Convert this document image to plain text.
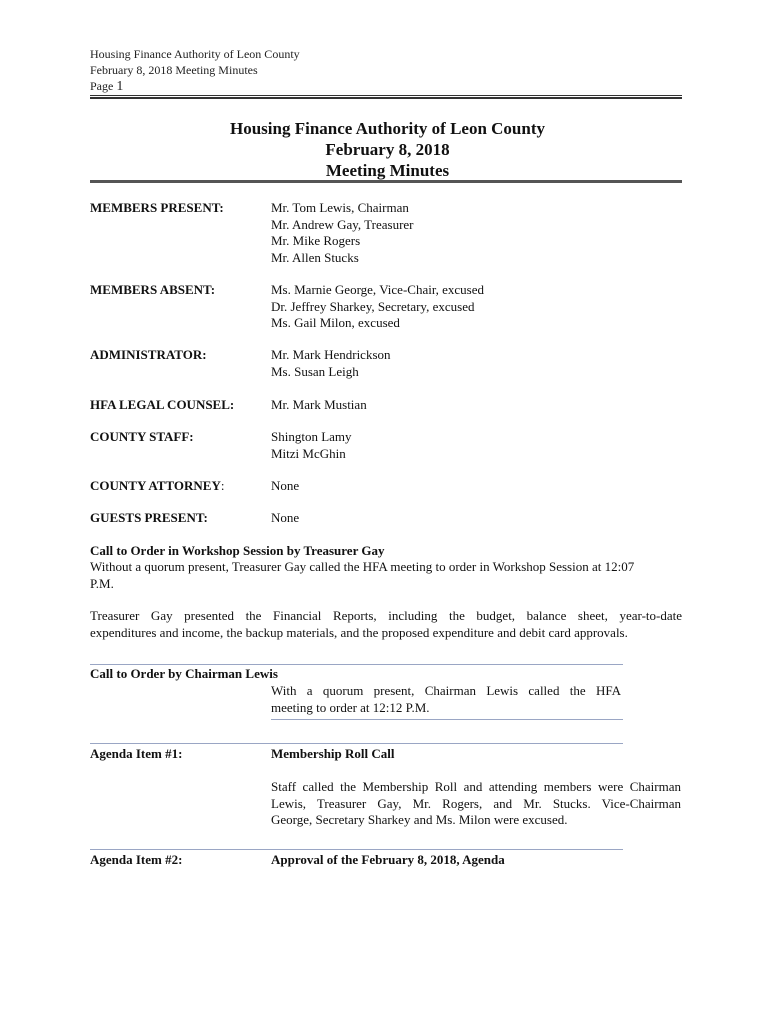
Housing Finance Authority of Leon County
February 8, 2018 Meeting Minutes
Page 1
Housing Finance Authority of Leon County
February 8, 2018
Meeting Minutes
MEMBERS PRESENT:	Mr. Tom Lewis, Chairman
Mr. Andrew Gay, Treasurer
Mr. Mike Rogers
Mr. Allen Stucks
MEMBERS ABSENT:	Ms. Marnie George, Vice-Chair, excused
Dr. Jeffrey Sharkey, Secretary, excused
Ms. Gail Milon, excused
ADMINISTRATOR:	Mr. Mark Hendrickson
Ms. Susan Leigh
HFA LEGAL COUNSEL:	Mr. Mark Mustian
COUNTY STAFF:	Shington Lamy
Mitzi McGhin
COUNTY ATTORNEY:	None
GUESTS PRESENT:	None
Call to Order in Workshop Session by Treasurer Gay
Without a quorum present, Treasurer Gay called the HFA meeting to order in Workshop Session at 12:07
P.M.
Treasurer Gay presented the Financial Reports, including the budget, balance sheet, year-to-date
expenditures and income, the backup materials, and the proposed expenditure and debit card approvals.
Call to Order by Chairman Lewis
With a quorum present, Chairman Lewis called the HFA
meeting to order at 12:12 P.M.
Agenda Item #1:	Membership Roll Call
Staff called the Membership Roll and attending members were Chairman
Lewis, Treasurer Gay, Mr. Rogers, and Mr. Stucks. Vice-Chairman
George, Secretary Sharkey and Ms. Milon were excused.
Agenda Item #2:	Approval of the February 8, 2018, Agenda
